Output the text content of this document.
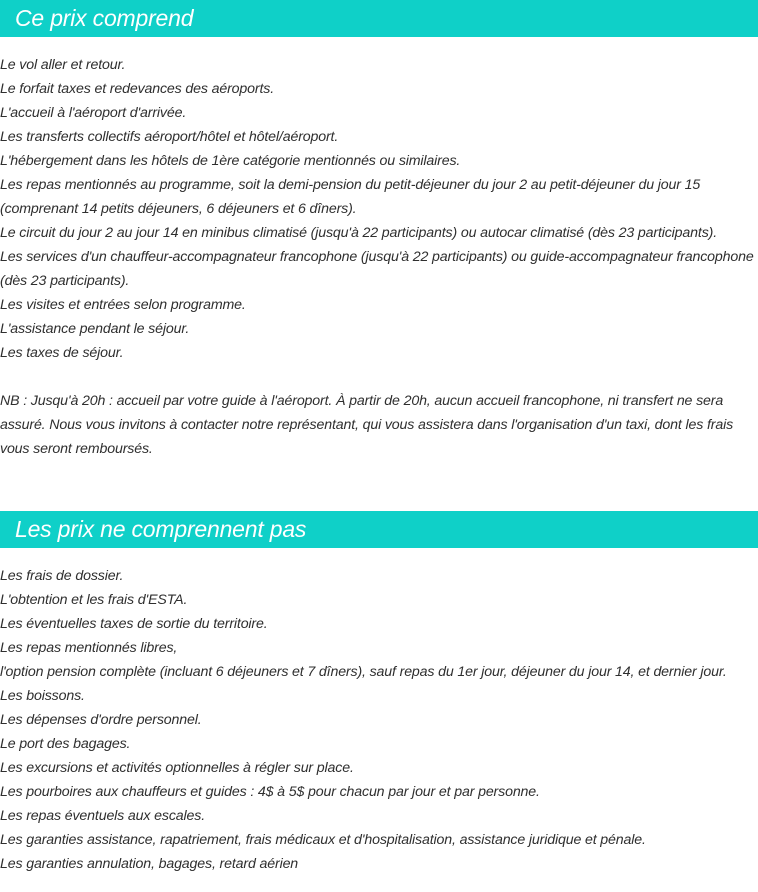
Ce prix comprend
Le vol aller et retour.
Le forfait taxes et redevances des aéroports.
L'accueil à l'aéroport d'arrivée.
Les transferts collectifs aéroport/hôtel et hôtel/aéroport.
L'hébergement dans les hôtels de 1ère catégorie mentionnés ou similaires.
Les repas mentionnés au programme, soit la demi-pension du petit-déjeuner du jour 2 au petit-déjeuner du jour 15 (comprenant 14 petits déjeuners, 6 déjeuners et 6 dîners).
Le circuit du jour 2 au jour 14 en minibus climatisé (jusqu'à 22 participants) ou autocar climatisé (dès 23 participants).
Les services d'un chauffeur-accompagnateur francophone (jusqu'à 22 participants) ou guide-accompagnateur francophone (dès 23 participants).
Les visites et entrées selon programme.
L'assistance pendant le séjour.
Les taxes de séjour.

NB : Jusqu'à 20h : accueil par votre guide à l'aéroport. À partir de 20h, aucun accueil francophone, ni transfert ne sera assuré. Nous vous invitons à contacter notre représentant, qui vous assistera dans l'organisation d'un taxi, dont les frais vous seront remboursés.

Les prix ne comprennent pas
Les frais de dossier.
L'obtention et les frais d'ESTA.
Les éventuelles taxes de sortie du territoire.
Les repas mentionnés libres,
l'option pension complète (incluant 6 déjeuners et 7 dîners), sauf repas du 1er jour, déjeuner du jour 14, et dernier jour.
Les boissons.
Les dépenses d'ordre personnel.
Le port des bagages.
Les excursions et activités optionnelles à régler sur place.
Les pourboires aux chauffeurs et guides : 4$ à 5$ pour chacun par jour et par personne.
Les repas éventuels aux escales.
Les garanties assistance, rapatriement, frais médicaux et d'hospitalisation, assistance juridique et pénale.
Les garanties annulation, bagages, retard aérien
